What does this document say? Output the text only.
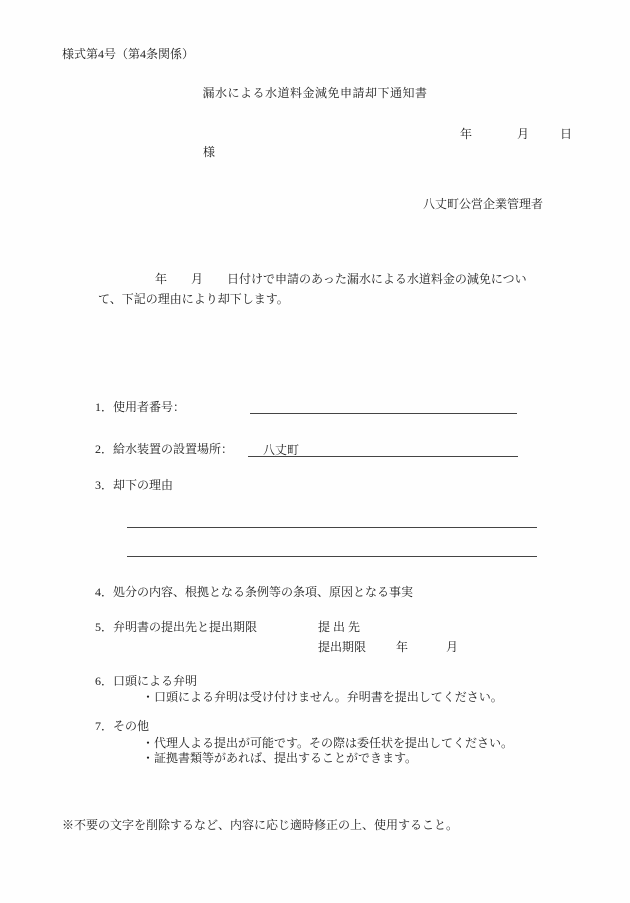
様式第4号（第4条関係）
漏水による水道料金減免申請却下通知書
年	月	日
様
八丈町公営企業管理者
年　　月　　日付けで申請のあった漏水による水道料金の減免につい
て、下記の理由により却下します。
1．使用者番号：
2．給水装置の設置場所： 八丈町
3．却下の理由
4．処分の内容、根拠となる条例等の条項、原因となる事実
5．弁明書の提出先と提出期限	提 出 先
提出期限 年	月
6．口頭による弁明
・口頭による弁明は受け付けません。弁明書を提出してください。
7．その他
・代理人よる提出が可能です。その際は委任状を提出してください。
・証拠書類等があれば、提出することができます。
※不要の文字を削除するなど、内容に応じ適時修正の上、使用すること。
